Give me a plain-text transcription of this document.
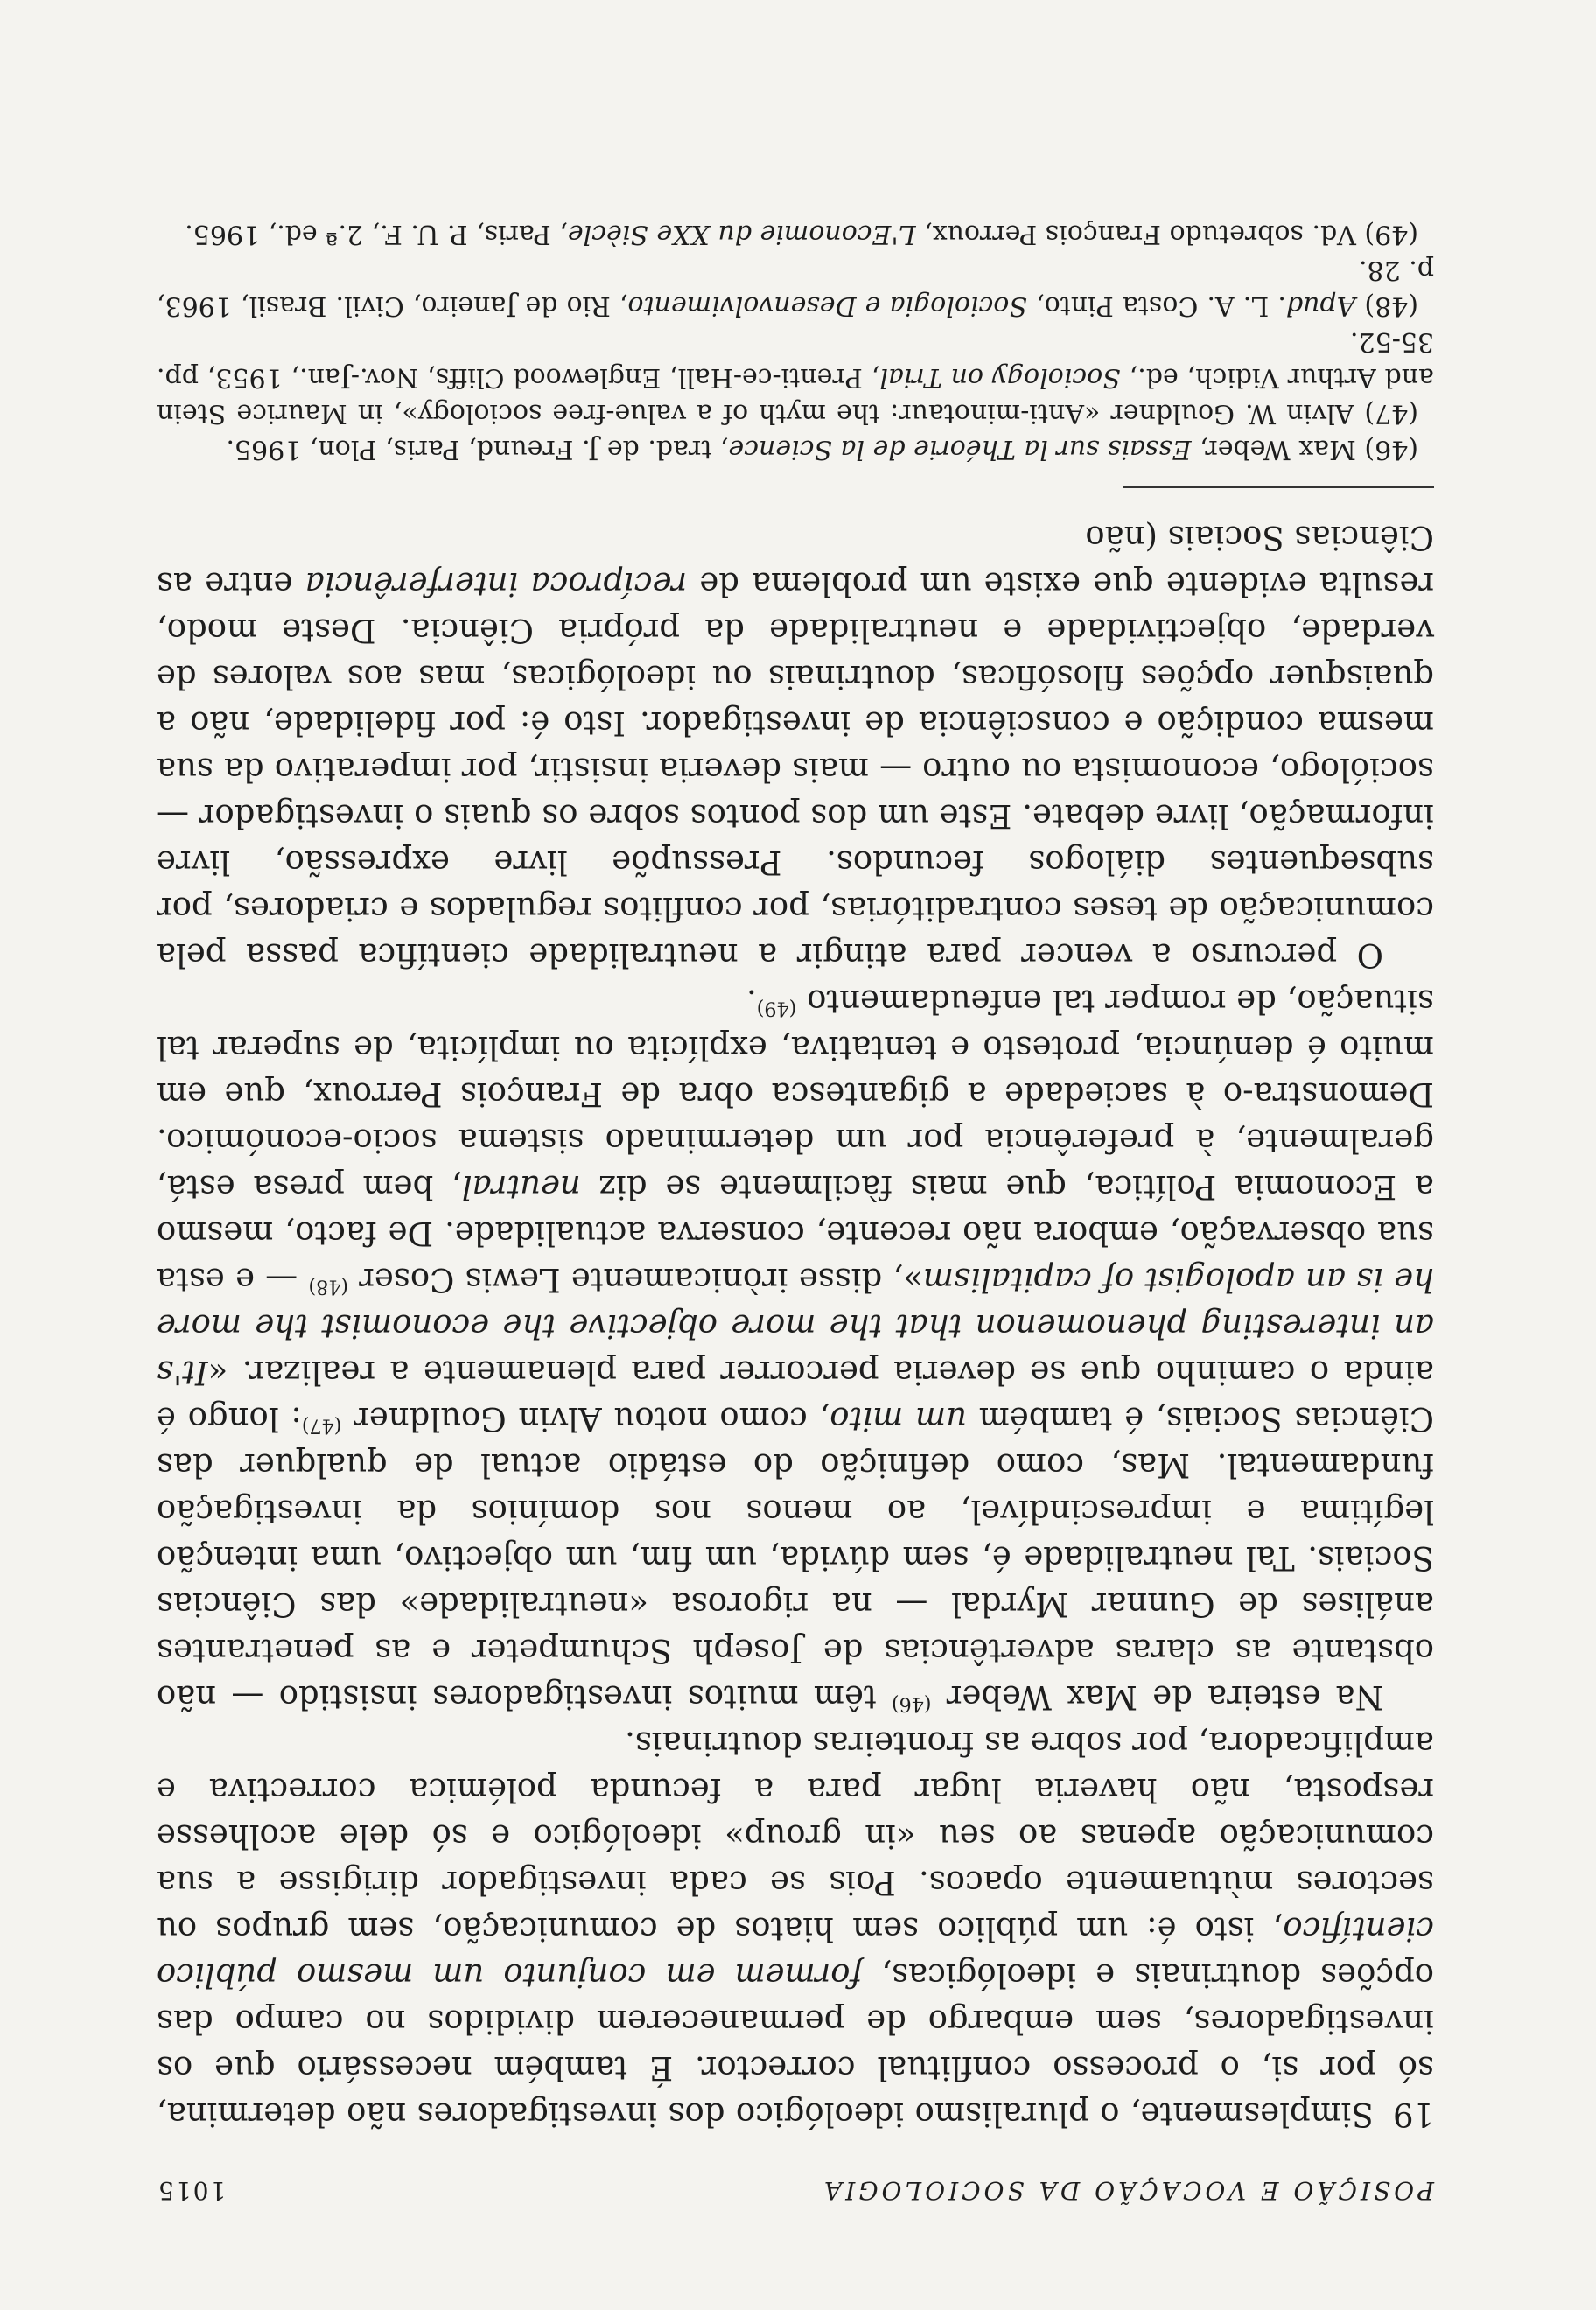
POSIÇÃO E VOCAÇÃO DA SOCIOLOGIA
1015

19Simplesmente, o pluralismo ideológico dos investigadores não determina, só por si, o processo conflitual corrector. É também necessário que os investigadores, sem embargo de permanecerem divididos no campo das opções doutrinais e ideológicas, formem em conjunto um mesmo público científico, isto é: um público sem hiatos de comunicação, sem grupos ou sectores mùtuamente opacos. Pois se cada investigador dirigisse a sua comunicação apenas ao seu «in group» ideológico e só dele acolhesse resposta, não haveria lugar para a fecunda polémica correctiva e amplificadora, por sobre as fronteiras doutrinais.

Na esteira de Max Weber $^{(46)}$ têm muitos investigadores insistido — não obstante as claras advertências de Joseph Schumpeter e as penetrantes análises de Gunnar Myrdal — na rigorosa «neutralidade» das Ciências Sociais. Tal neutralidade é, sem dúvida, um fim, um objectivo, uma intenção legítima e imprescindível, ao menos nos domínios da investigação fundamental. Mas, como definição do estádio actual de qualquer das Ciências Sociais, é também um mito, como notou Alvin Gouldner $^{(47)}$: longo é ainda o caminho que se deveria percorrer para plenamente a realizar. «It's an interesting phenomenon that the more objective the economist the more he is an apologist of capitalism», disse irònicamente Lewis Coser $^{(48)}$ — e esta sua observação, embora não recente, conserva actualidade. De facto, mesmo a Economia Política, que mais fàcilmente se diz neutral, bem presa está, geralmente, à preferência por um determinado sistema socio-económico. Demonstra-o à saciedade a gigantesca obra de François Perroux, que em muito é denúncia, protesto e tentativa, explícita ou implícita, de superar tal situação, de romper tal enfeudamento $^{(49)}$.

O percurso a vencer para atingir a neutralidade científica passa pela comunicação de teses contraditórias, por conflitos regulados e criadores, por subsequentes diálogos fecundos. Pressupõe livre expressão, livre informação, livre debate. Este um dos pontos sobre os quais o investigador — sociólogo, economista ou outro — mais deveria insistir, por imperativo da sua mesma condição e consciência de investigador. Isto é: por fidelidade, não a quaisquer opções filosóficas, doutrinais ou ideológicas, mas aos valores de verdade, objectividade e neutralidade da própria Ciência. Deste modo, resulta evidente que existe um problema de recíproca interferência entre as Ciências Sociais (não

(46) Max Weber, Essais sur la Théorie de la Science, trad. de J. Freund, Paris, Plon, 1965.

(47) Alvin W. Gouldner «Anti-minotaur: the myth of a value-free sociology», in Maurice Stein and Arthur Vidich, ed., Sociology on Trial, Prenti-ce-Hall, Englewood Cliffs, Nov.-Jan., 1953, pp. 35-52.

(48) Apud. L. A. Costa Pinto, Sociologia e Desenvolvimento, Rio de Janeiro, Civil. Brasil, 1963, p. 28.

(49) Vd. sobretudo François Perroux, L'Economie du XXe Siècle, Paris, P. U. F., 2.ª ed., 1965.
